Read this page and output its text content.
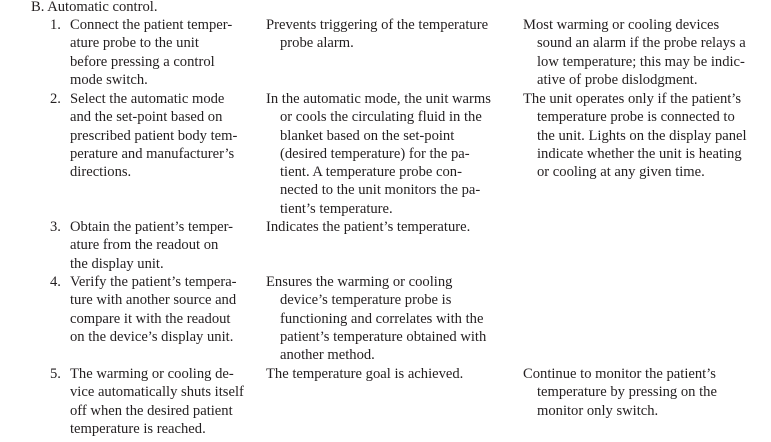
B. Automatic control.
1. Connect the patient temper-
ature probe to the unit
before pressing a control
mode switch.
Prevents triggering of the temperature
probe alarm.
Most warming or cooling devices
sound an alarm if the probe relays a
low temperature; this may be indic-
ative of probe dislodgment.
2. Select the automatic mode
and the set-point based on
prescribed patient body tem-
perature and manufacturer’s
directions.
In the automatic mode, the unit warms
or cools the circulating fluid in the
blanket based on the set-point
(desired temperature) for the pa-
tient. A temperature probe con-
nected to the unit monitors the pa-
tient’s temperature.
The unit operates only if the patient’s
temperature probe is connected to
the unit. Lights on the display panel
indicate whether the unit is heating
or cooling at any given time.
3. Obtain the patient’s temper-
ature from the readout on
the display unit.
Indicates the patient’s temperature.
4. Verify the patient’s tempera-
ture with another source and
compare it with the readout
on the device’s display unit.
Ensures the warming or cooling
device’s temperature probe is
functioning and correlates with the
patient’s temperature obtained with
another method.
5. The warming or cooling de-
vice automatically shuts itself
off when the desired patient
temperature is reached.
The temperature goal is achieved.	Continue to monitor the patient’s
temperature by pressing on the
monitor only switch.
